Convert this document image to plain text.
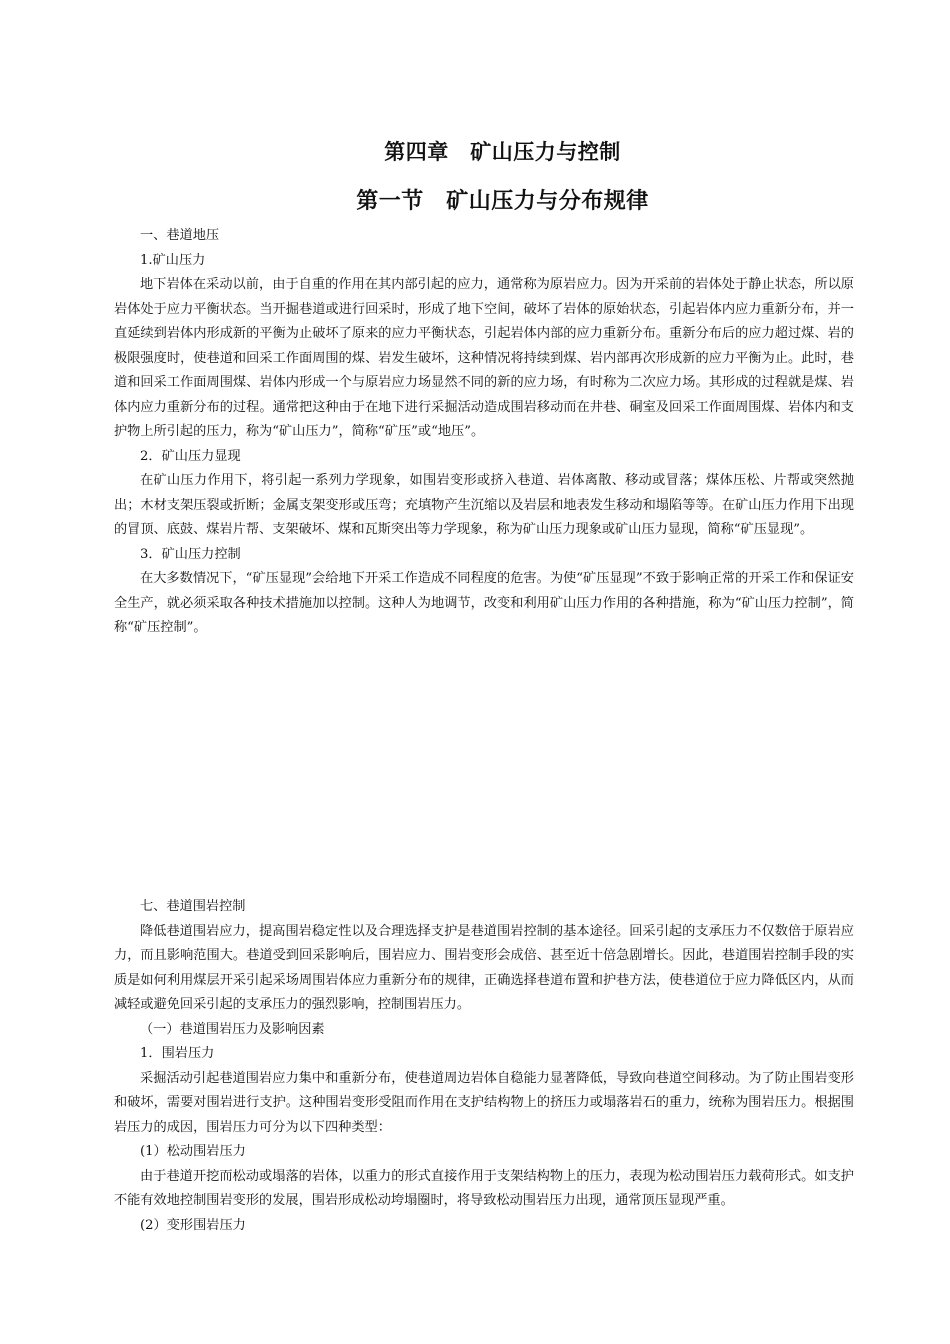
第四章　矿山压力与控制
第一节　矿山压力与分布规律

一、巷道地压

1.矿山压力

地下岩体在采动以前，由于自重的作用在其内部引起的应力，通常称为原岩应力。因为开采前的岩体处于静止状态，所以原岩体处于应力平衡状态。当开掘巷道或进行回采时，形成了地下空间，破坏了岩体的原始状态，引起岩体内应力重新分布，并一直延续到岩体内形成新的平衡为止破坏了原来的应力平衡状态，引起岩体内部的应力重新分布。重新分布后的应力超过煤、岩的极限强度时，使巷道和回采工作面周围的煤、岩发生破坏，这种情况将持续到煤、岩内部再次形成新的应力平衡为止。此时，巷道和回采工作面周围煤、岩体内形成一个与原岩应力场显然不同的新的应力场，有时称为二次应力场。其形成的过程就是煤、岩体内应力重新分布的过程。通常把这种由于在地下进行采掘活动造成围岩移动而在井巷、硐室及回采工作面周围煤、岩体内和支护物上所引起的压力，称为“矿山压力”，简称“矿压”或“地压”。

2．矿山压力显现

在矿山压力作用下，将引起一系列力学现象，如围岩变形或挤入巷道、岩体离散、移动或冒落；煤体压松、片帮或突然抛出；木材支架压裂或折断；金属支架变形或压弯；充填物产生沉缩以及岩层和地表发生移动和塌陷等等。在矿山压力作用下出现的冒顶、底鼓、煤岩片帮、支架破坏、煤和瓦斯突出等力学现象，称为矿山压力现象或矿山压力显现，简称“矿压显现”。

3．矿山压力控制

在大多数情况下，“矿压显现”会给地下开采工作造成不同程度的危害。为使“矿压显现”不致于影响正常的开采工作和保证安全生产，就必须采取各种技术措施加以控制。这种人为地调节，改变和利用矿山压力作用的各种措施，称为“矿山压力控制”，简称“矿压控制”。

七、巷道围岩控制

降低巷道围岩应力，提高围岩稳定性以及合理选择支护是巷道围岩控制的基本途径。回采引起的支承压力不仅数倍于原岩应力，而且影响范围大。巷道受到回采影响后，围岩应力、围岩变形会成倍、甚至近十倍急剧增长。因此，巷道围岩控制手段的实质是如何利用煤层开采引起采场周围岩体应力重新分布的规律，正确选择巷道布置和护巷方法，使巷道位于应力降低区内，从而减轻或避免回采引起的支承压力的强烈影响，控制围岩压力。

（一）巷道围岩压力及影响因素

1．围岩压力

采掘活动引起巷道围岩应力集中和重新分布，使巷道周边岩体自稳能力显著降低，导致向巷道空间移动。为了防止围岩变形和破坏，需要对围岩进行支护。这种围岩变形受阻而作用在支护结构物上的挤压力或塌落岩石的重力，统称为围岩压力。根据围岩压力的成因，围岩压力可分为以下四种类型：

(1）松动围岩压力

由于巷道开挖而松动或塌落的岩体，以重力的形式直接作用于支架结构物上的压力，表现为松动围岩压力载荷形式。如支护不能有效地控制围岩变形的发展，围岩形成松动垮塌圈时，将导致松动围岩压力出现，通常顶压显现严重。

(2）变形围岩压力
